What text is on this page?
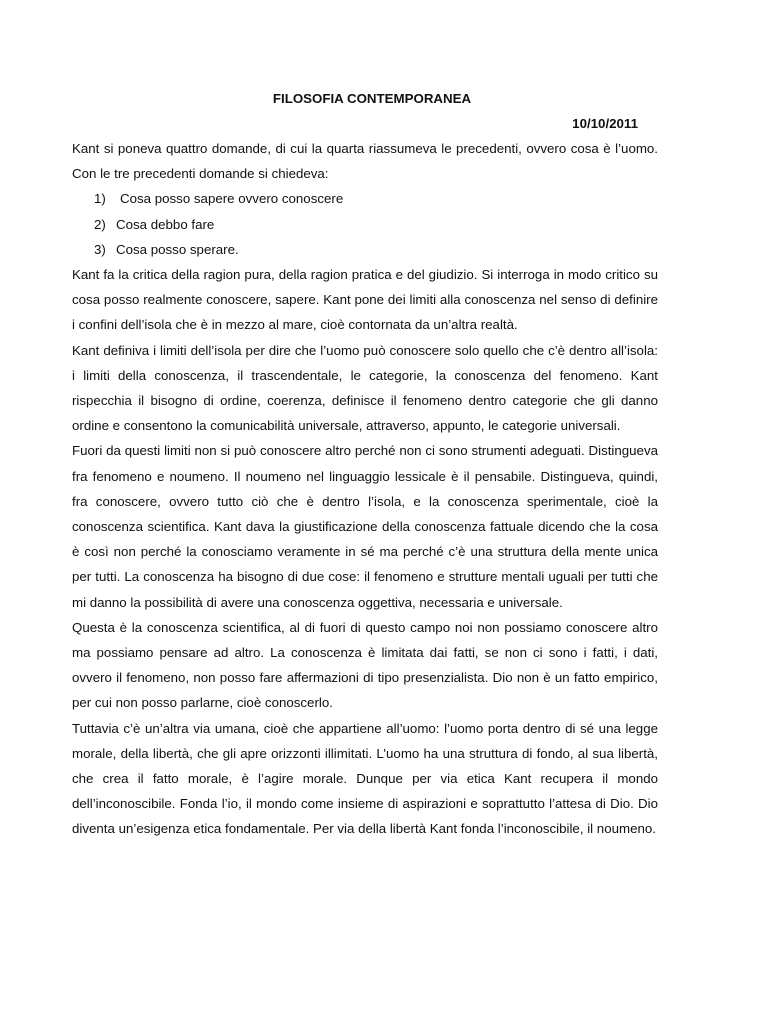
FILOSOFIA CONTEMPORANEA
10/10/2011

Kant si poneva quattro domande, di cui la quarta riassumeva le precedenti, ovvero cosa è l’uomo. Con le tre precedenti domande si chiedeva:

1)	Cosa posso sapere ovvero conoscere
2) Cosa debbo fare
3) Cosa posso sperare.

Kant fa la critica della ragion pura, della ragion pratica e del giudizio. Si interroga in modo critico su cosa posso realmente conoscere, sapere. Kant pone dei limiti alla conoscenza nel senso di definire i confini dell’isola che è in mezzo al mare, cioè contornata da un’altra realtà.

Kant definiva i limiti dell’isola per dire che l’uomo può conoscere solo quello che c’è dentro all’isola: i limiti della conoscenza, il trascendentale, le categorie, la conoscenza del fenomeno. Kant rispecchia il bisogno di ordine, coerenza, definisce il fenomeno dentro categorie che gli danno ordine e consentono la comunicabilità universale, attraverso, appunto, le categorie universali.

Fuori da questi limiti non si può conoscere altro perché non ci sono strumenti adeguati. Distingueva fra fenomeno e noumeno. Il noumeno nel linguaggio lessicale è il pensabile. Distingueva, quindi, fra conoscere, ovvero tutto ciò che è dentro l’isola, e la conoscenza sperimentale, cioè la conoscenza scientifica. Kant dava la giustificazione della conoscenza fattuale dicendo che la cosa è così non perché la conosciamo veramente in sé ma perché c’è una struttura della mente unica per tutti. La conoscenza ha bisogno di due cose: il fenomeno e strutture mentali uguali per tutti che mi danno la possibilità di avere una conoscenza oggettiva, necessaria e universale.

Questa è la conoscenza scientifica, al di fuori di questo campo noi non possiamo conoscere altro ma possiamo pensare ad altro. La conoscenza è limitata dai fatti, se non ci sono i fatti, i dati, ovvero il fenomeno, non posso fare affermazioni di tipo presenzialista. Dio non è un fatto empirico, per cui non posso parlarne, cioè conoscerlo.

Tuttavia c’è un’altra via umana, cioè che appartiene all’uomo: l’uomo porta dentro di sé una legge morale, della libertà, che gli apre orizzonti illimitati. L’uomo ha una struttura di fondo, al sua libertà, che crea il fatto morale, è l’agire morale. Dunque per via etica Kant recupera il mondo dell’inconoscibile. Fonda l’io, il mondo come insieme di aspirazioni e soprattutto l’attesa di Dio. Dio diventa un’esigenza etica fondamentale. Per via della libertà Kant fonda l’inconoscibile, il noumeno.
